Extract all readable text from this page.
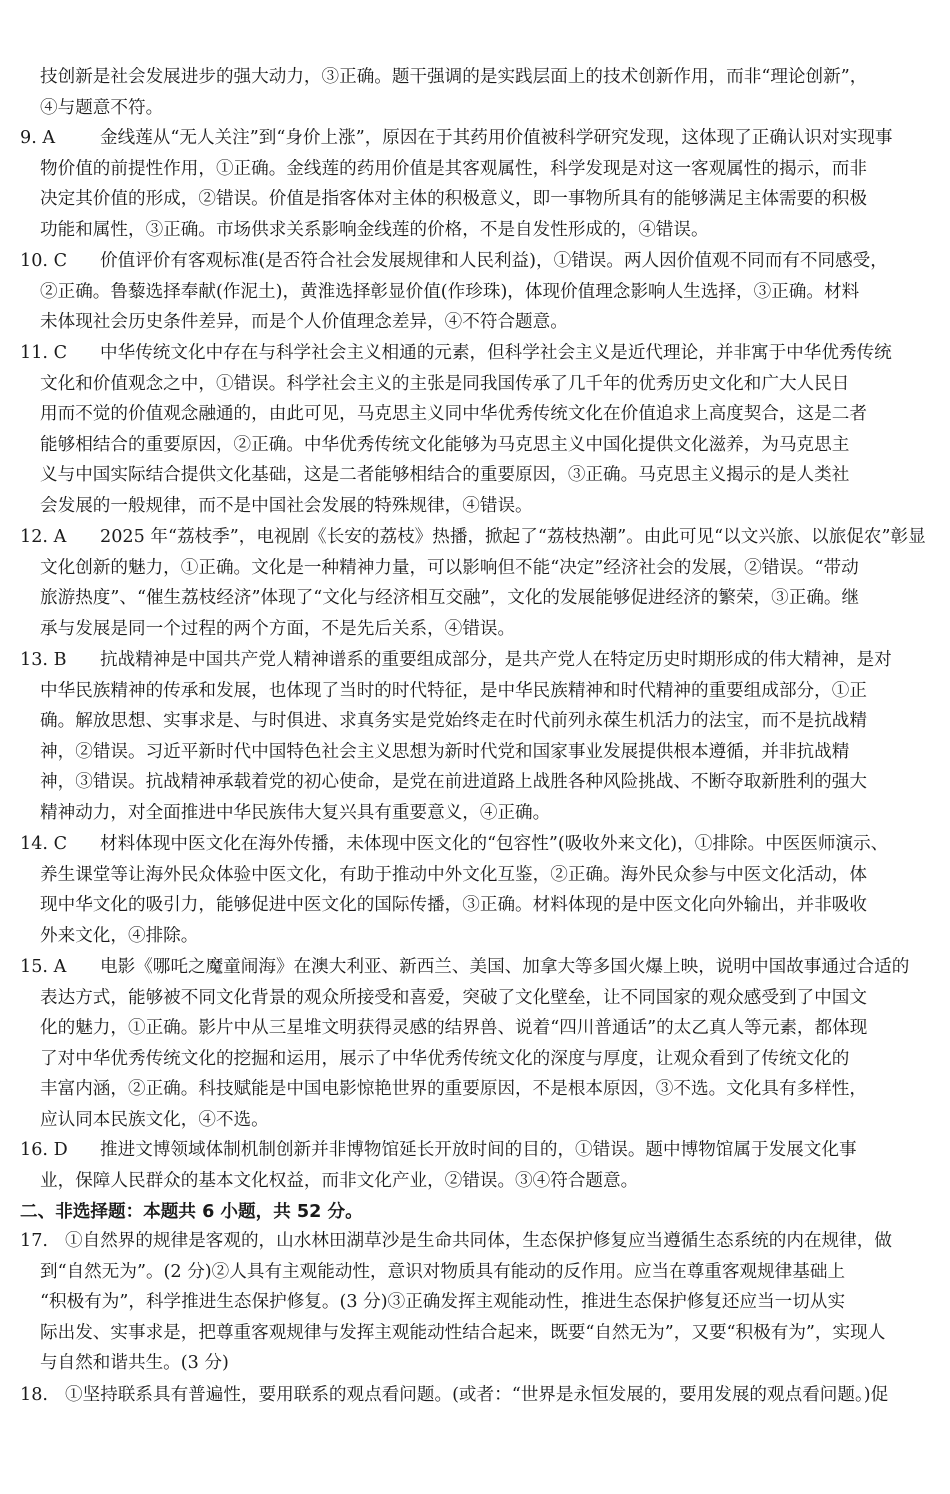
技创新是社会发展进步的强大动力，③正确。题干强调的是实践层面上的技术创新作用，而非“理论创新”，

④与题意不符。

9. A	金线莲从“无人关注”到“身价上涨”，原因在于其药用价值被科学研究发现，这体现了正确认识对实现事

物价值的前提性作用，①正确。金线莲的药用价值是其客观属性，科学发现是对这一客观属性的揭示，而非

决定其价值的形成，②错误。价值是指客体对主体的积极意义，即一事物所具有的能够满足主体需要的积极

功能和属性，③正确。市场供求关系影响金线莲的价格，不是自发性形成的，④错误。

10. C	价值评价有客观标准(是否符合社会发展规律和人民利益)，①错误。两人因价值观不同而有不同感受，

②正确。鲁藜选择奉献(作泥土)，黄淮选择彰显价值(作珍珠)，体现价值理念影响人生选择，③正确。材料

未体现社会历史条件差异，而是个人价值理念差异，④不符合题意。

11. C	中华传统文化中存在与科学社会主义相通的元素，但科学社会主义是近代理论，并非寓于中华优秀传统

文化和价值观念之中，①错误。科学社会主义的主张是同我国传承了几千年的优秀历史文化和广大人民日

用而不觉的价值观念融通的，由此可见，马克思主义同中华优秀传统文化在价值追求上高度契合，这是二者

能够相结合的重要原因，②正确。中华优秀传统文化能够为马克思主义中国化提供文化滋养，为马克思主

义与中国实际结合提供文化基础，这是二者能够相结合的重要原因，③正确。马克思主义揭示的是人类社

会发展的一般规律，而不是中国社会发展的特殊规律，④错误。

12. A	2025 年“荔枝季”，电视剧《长安的荔枝》热播，掀起了“荔枝热潮”。由此可见“以文兴旅、以旅促农”彰显

文化创新的魅力，①正确。文化是一种精神力量，可以影响但不能“决定”经济社会的发展，②错误。“带动

旅游热度”、“催生荔枝经济”体现了“文化与经济相互交融”，文化的发展能够促进经济的繁荣，③正确。继

承与发展是同一个过程的两个方面，不是先后关系，④错误。

13. B	抗战精神是中国共产党人精神谱系的重要组成部分，是共产党人在特定历史时期形成的伟大精神，是对

中华民族精神的传承和发展，也体现了当时的时代特征，是中华民族精神和时代精神的重要组成部分，①正

确。解放思想、实事求是、与时俱进、求真务实是党始终走在时代前列永葆生机活力的法宝，而不是抗战精

神，②错误。习近平新时代中国特色社会主义思想为新时代党和国家事业发展提供根本遵循，并非抗战精

神，③错误。抗战精神承载着党的初心使命，是党在前进道路上战胜各种风险挑战、不断夺取新胜利的强大

精神动力，对全面推进中华民族伟大复兴具有重要意义，④正确。

14. C	材料体现中医文化在海外传播，未体现中医文化的“包容性”(吸收外来文化)，①排除。中医医师演示、

养生课堂等让海外民众体验中医文化，有助于推动中外文化互鉴，②正确。海外民众参与中医文化活动，体

现中华文化的吸引力，能够促进中医文化的国际传播，③正确。材料体现的是中医文化向外输出，并非吸收

外来文化，④排除。

15. A	电影《哪吒之魔童闹海》在澳大利亚、新西兰、美国、加拿大等多国火爆上映，说明中国故事通过合适的

表达方式，能够被不同文化背景的观众所接受和喜爱，突破了文化壁垒，让不同国家的观众感受到了中国文

化的魅力，①正确。影片中从三星堆文明获得灵感的结界兽、说着“四川普通话”的太乙真人等元素，都体现

了对中华优秀传统文化的挖掘和运用，展示了中华优秀传统文化的深度与厚度，让观众看到了传统文化的

丰富内涵，②正确。科技赋能是中国电影惊艳世界的重要原因，不是根本原因，③不选。文化具有多样性，

应认同本民族文化，④不选。

16. D	推进文博领域体制机制创新并非博物馆延长开放时间的目的，①错误。题中博物馆属于发展文化事

业，保障人民群众的基本文化权益，而非文化产业，②错误。③④符合题意。

二、非选择题：本题共 6 小题，共 52 分。
17. ①自然界的规律是客观的，山水林田湖草沙是生命共同体，生态保护修复应当遵循生态系统的内在规律，做

到“自然无为”。(2 分)②人具有主观能动性，意识对物质具有能动的反作用。应当在尊重客观规律基础上

“积极有为”，科学推进生态保护修复。(3 分)③正确发挥主观能动性，推进生态保护修复还应当一切从实

际出发、实事求是，把尊重客观规律与发挥主观能动性结合起来，既要“自然无为”，又要“积极有为”，实现人

与自然和谐共生。(3 分)

18. ①坚持联系具有普遍性，要用联系的观点看问题。(或者：“世界是永恒发展的，要用发展的观点看问题。)促
